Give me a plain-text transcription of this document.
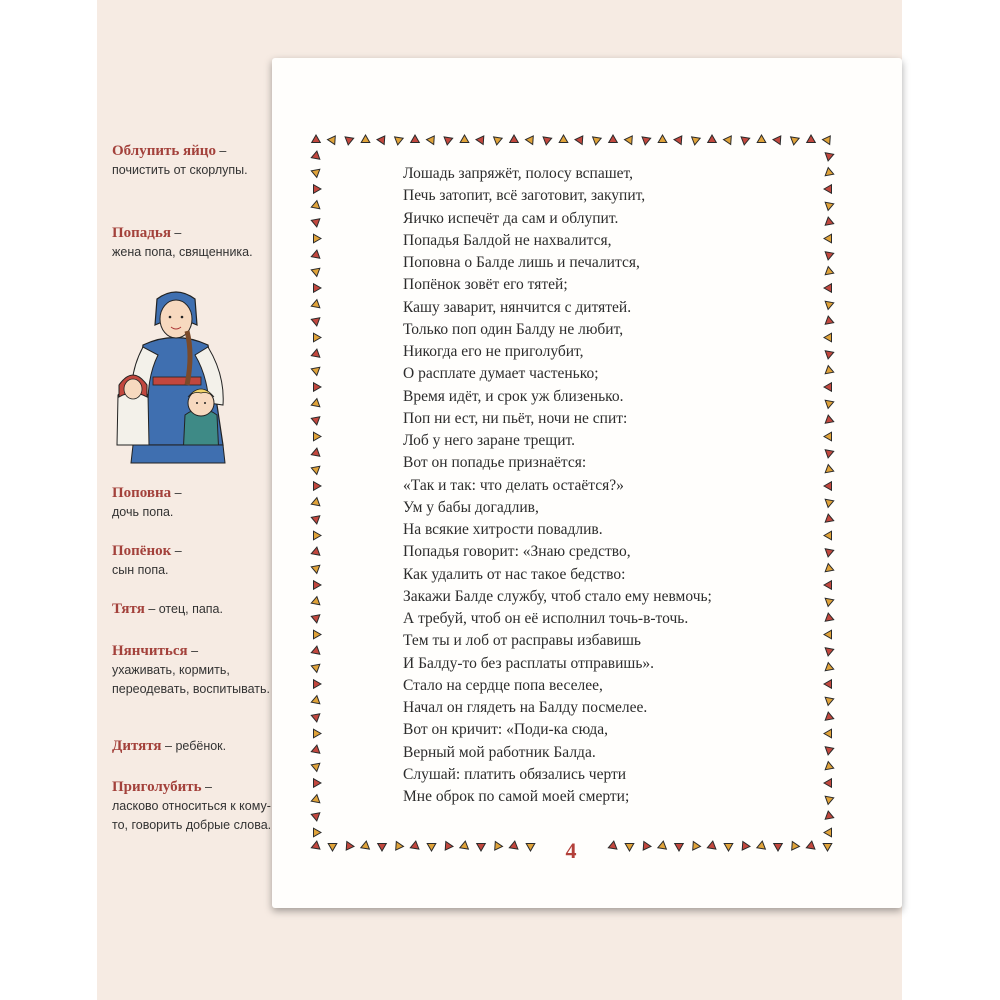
Облупить яйцо – почистить от скорлупы.
Попадья –
жена попа, священника.
Поповна –
дочь попа.
Попёнок –
сын попа.
Тятя – отец, папа.
Нянчиться –
ухаживать, кормить, переодевать, воспитывать.
Дитятя – ребёнок.
Приголубить –
ласково относиться к кому-то, говорить добрые слова.
Лошадь запряжёт, полосу вспашет,
Печь затопит, всё заготовит, закупит,
Яичко испечёт да сам и облупит.
Попадья Балдой не нахвалится,
Поповна о Балде лишь и печалится,
Попёнок зовёт его тятей;
Кашу заварит, нянчится с дитятей.
Только поп один Балду не любит,
Никогда его не приголубит,
О расплате думает частенько;
Время идёт, и срок уж близенько.
Поп ни ест, ни пьёт, ночи не спит:
Лоб у него заране трещит.
Вот он попадье признаётся:
«Так и так: что делать остаётся?»
Ум у бабы догадлив,
На всякие хитрости повадлив.
Попадья говорит: «Знаю средство,
Как удалить от нас такое бедство:
Закажи Балде службу, чтоб стало ему невмочь;
А требуй, чтоб он её исполнил точь-в-точь.
Тем ты и лоб от расправы избавишь
И Балду-то без расплаты отправишь».
Стало на сердце попа веселее,
Начал он глядеть на Балду посмелее.
Вот он кричит: «Поди-ка сюда,
Верный мой работник Балда.
Слушай: платить обязались черти
Мне оброк по самой моей смерти;
4
